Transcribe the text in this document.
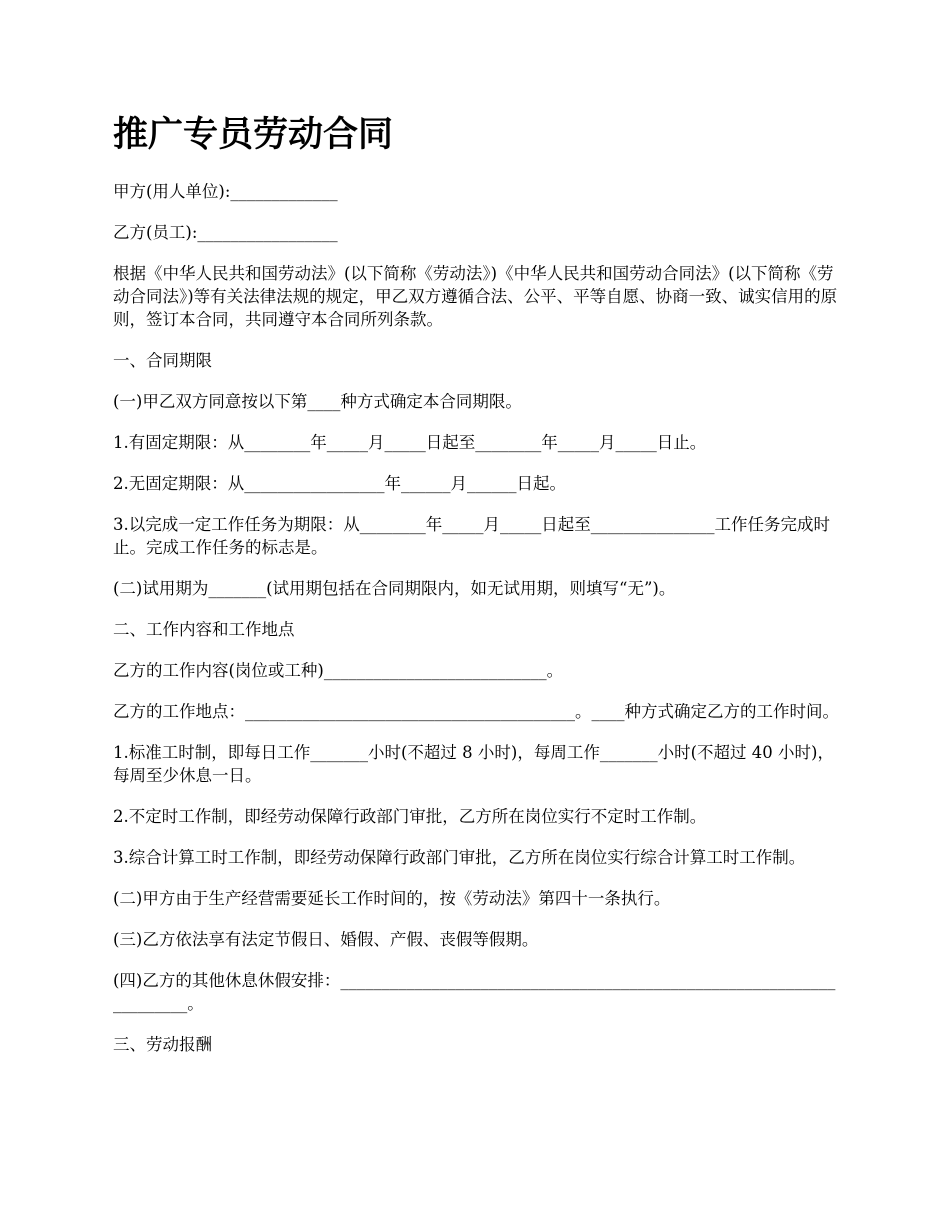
推广专员劳动合同

甲方(用人单位):_____________

乙方(员工):_________________

根据《中华人民共和国劳动法》(以下简称《劳动法》)《中华人民共和国劳动合同法》(以下简称《劳动合同法》)等有关法律法规的规定，甲乙双方遵循合法、公平、平等自愿、协商一致、诚实信用的原则，签订本合同，共同遵守本合同所列条款。

一、合同期限

(一)甲乙双方同意按以下第____种方式确定本合同期限。

1.有固定期限：从________年_____月_____日起至________年_____月_____日止。

2.无固定期限：从_________________年______月______日起。

3.以完成一定工作任务为期限：从________年_____月_____日起至_______________工作任务完成时止。完成工作任务的标志是。

(二)试用期为_______(试用期包括在合同期限内，如无试用期，则填写“无”)。

二、工作内容和工作地点

乙方的工作内容(岗位或工种)___________________________。

乙方的工作地点：________________________________________。____种方式确定乙方的工作时间。

1.标准工时制，即每日工作_______小时(不超过 8 小时)，每周工作_______小时(不超过 40 小时)，每周至少休息一日。

2.不定时工作制，即经劳动保障行政部门审批，乙方所在岗位实行不定时工作制。

3.综合计算工时工作制，即经劳动保障行政部门审批，乙方所在岗位实行综合计算工时工作制。

(二)甲方由于生产经营需要延长工作时间的，按《劳动法》第四十一条执行。

(三)乙方依法享有法定节假日、婚假、产假、丧假等假期。

(四)乙方的其他休息休假安排：_____________________________________________________________________。

三、劳动报酬
